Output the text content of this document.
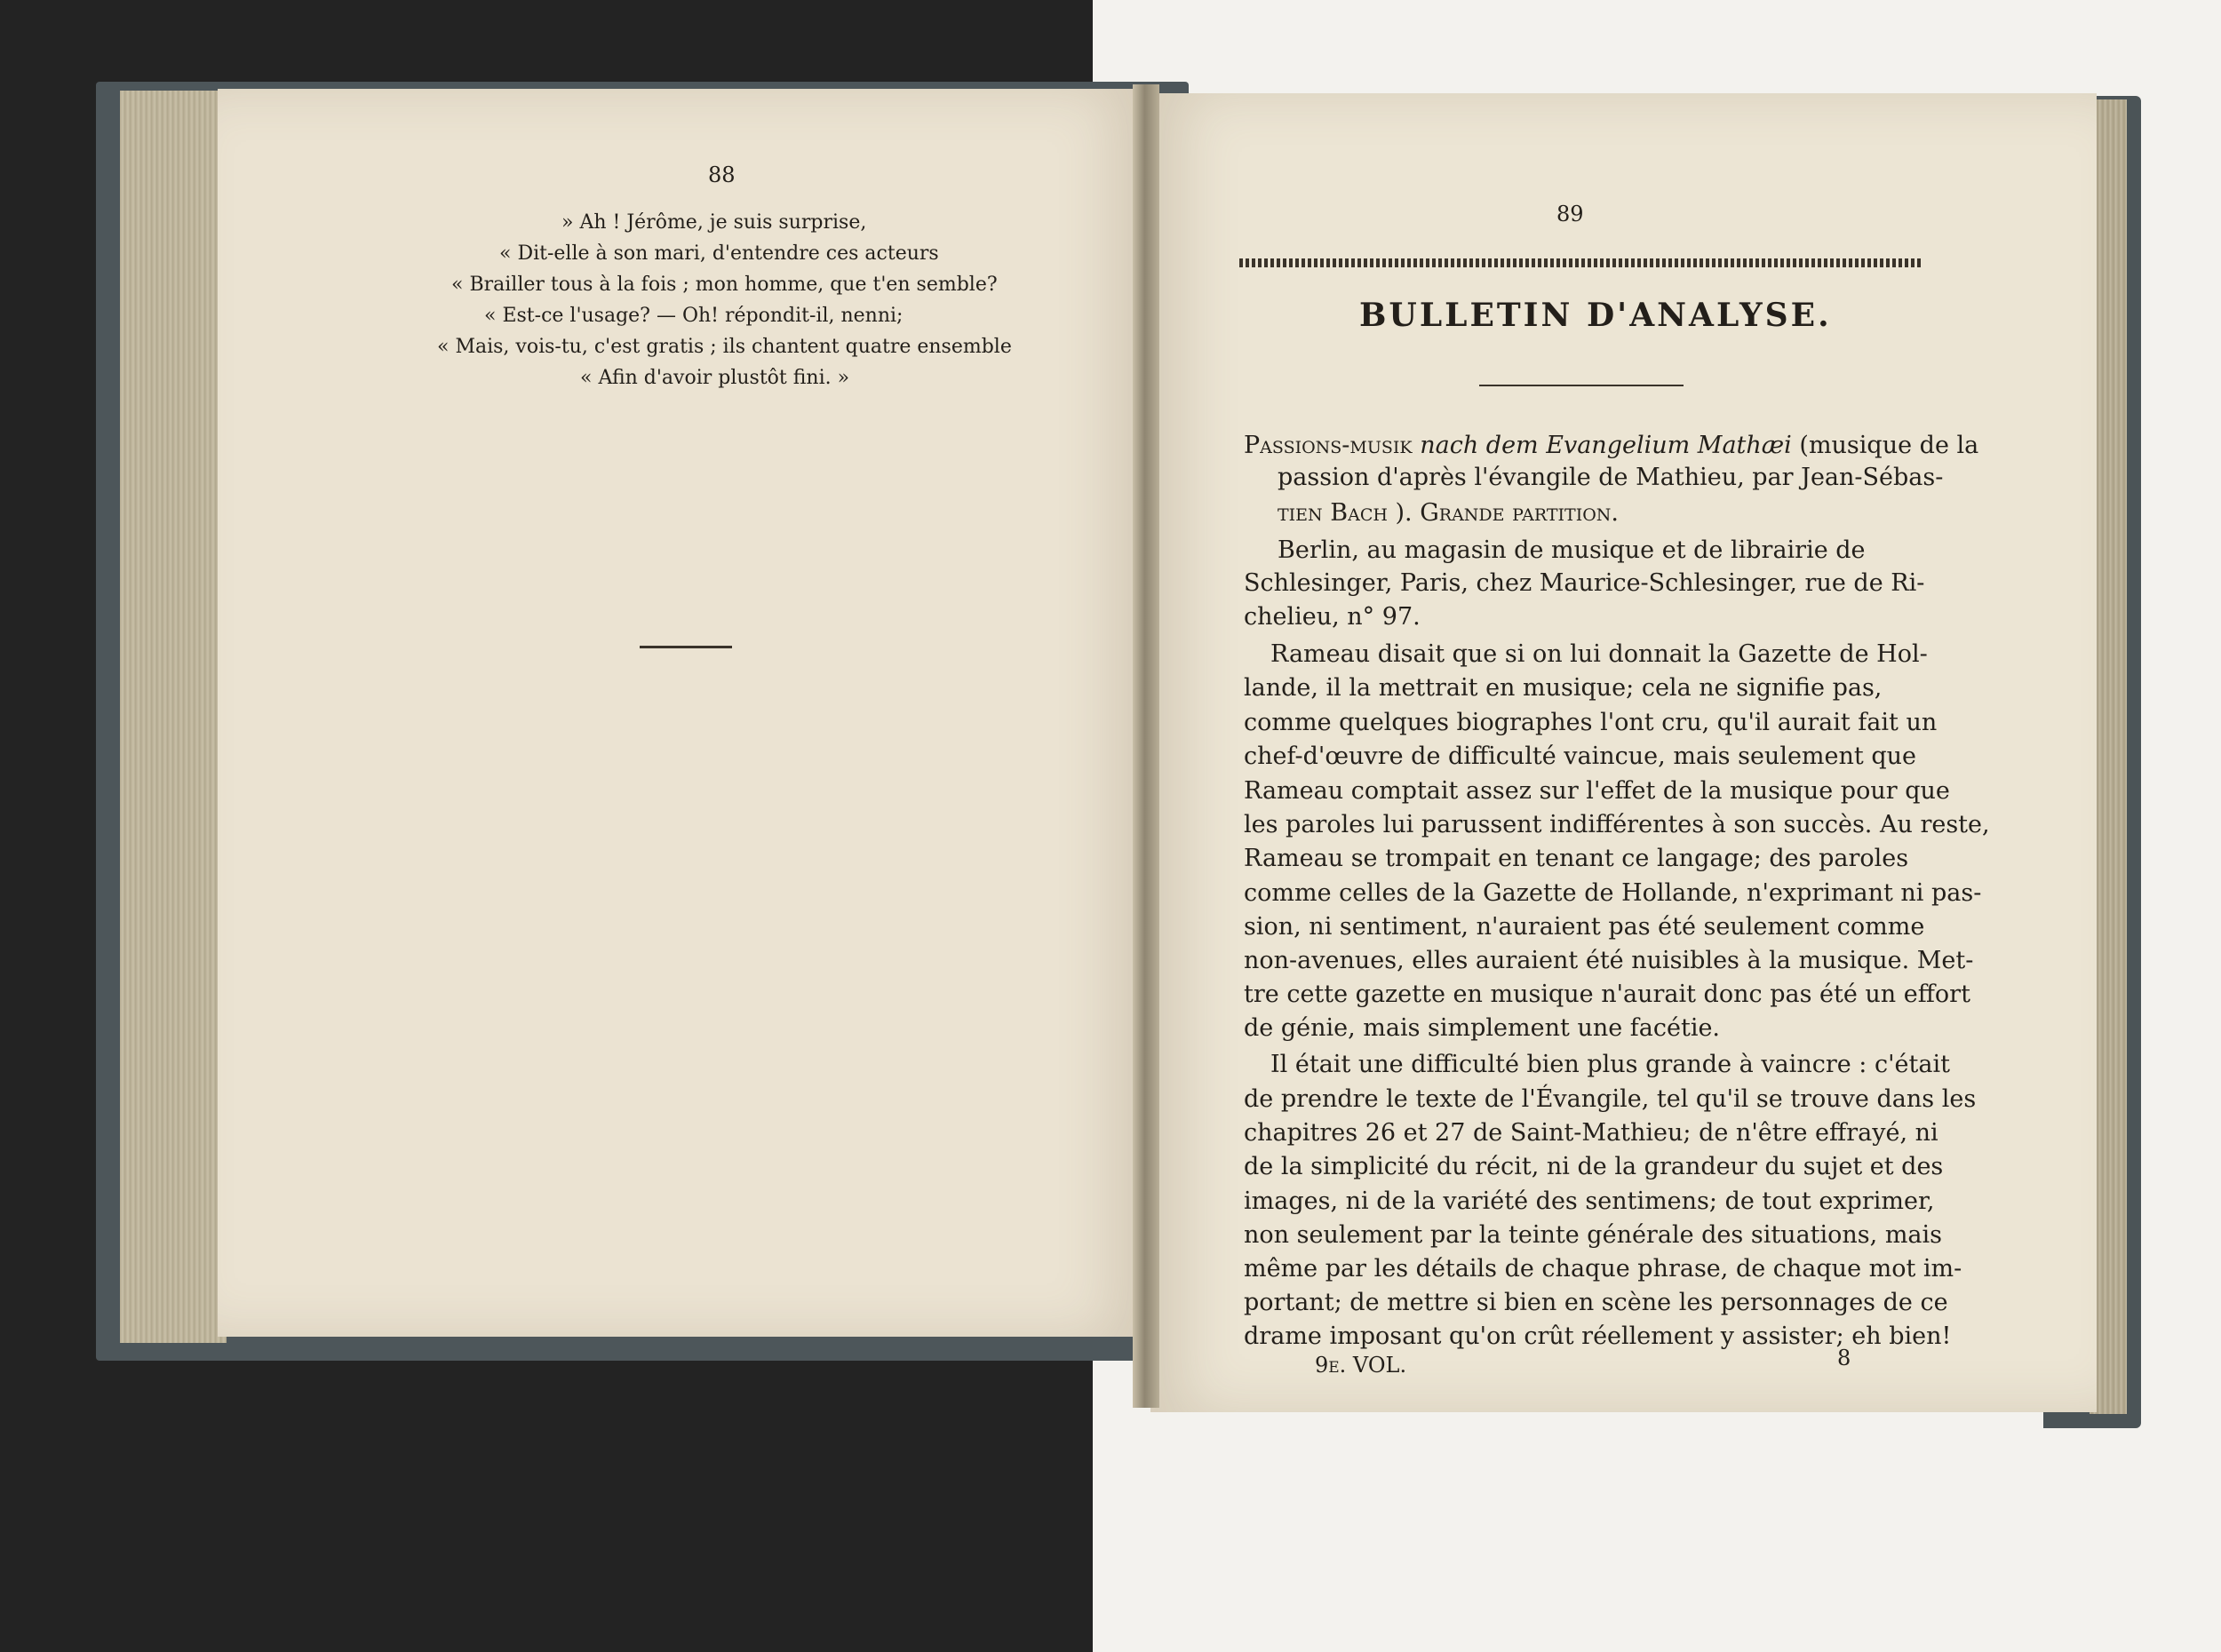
88
» Ah ! Jérôme, je suis surprise,
« Dit-elle à son mari, d'entendre ces acteurs
« Brailler tous à la fois ; mon homme, que t'en semble?
« Est-ce l'usage? — Oh! répondit-il, nenni;
« Mais, vois-tu, c'est gratis ; ils chantent quatre ensemble
« Afin d'avoir plustôt fini. »
89
BULLETIN D'ANALYSE.
Passions-musik nach dem Evangelium Mathæi (musique de la
passion d'après l'évangile de Mathieu, par Jean-Sébas-
tien Bach ). Grande partition.
Berlin, au magasin de musique et de librairie de
Schlesinger, Paris, chez Maurice-Schlesinger, rue de Ri-
chelieu, n° 97.
Rameau disait que si on lui donnait la Gazette de Hol-
lande, il la mettrait en musique; cela ne signifie pas,
comme quelques biographes l'ont cru, qu'il aurait fait un
chef-d'œuvre de difficulté vaincue, mais seulement que
Rameau comptait assez sur l'effet de la musique pour que
les paroles lui parussent indifférentes à son succès. Au reste,
Rameau se trompait en tenant ce langage; des paroles
comme celles de la Gazette de Hollande, n'exprimant ni pas-
sion, ni sentiment, n'auraient pas été seulement comme
non-avenues, elles auraient été nuisibles à la musique. Met-
tre cette gazette en musique n'aurait donc pas été un effort
de génie, mais simplement une facétie.
Il était une difficulté bien plus grande à vaincre : c'était
de prendre le texte de l'Évangile, tel qu'il se trouve dans les
chapitres 26 et 27 de Saint-Mathieu; de n'être effrayé, ni
de la simplicité du récit, ni de la grandeur du sujet et des
images, ni de la variété des sentimens; de tout exprimer,
non seulement par la teinte générale des situations, mais
même par les détails de chaque phrase, de chaque mot im-
portant; de mettre si bien en scène les personnages de ce
drame imposant qu'on crût réellement y assister; eh bien!
9e. VOL.	8
